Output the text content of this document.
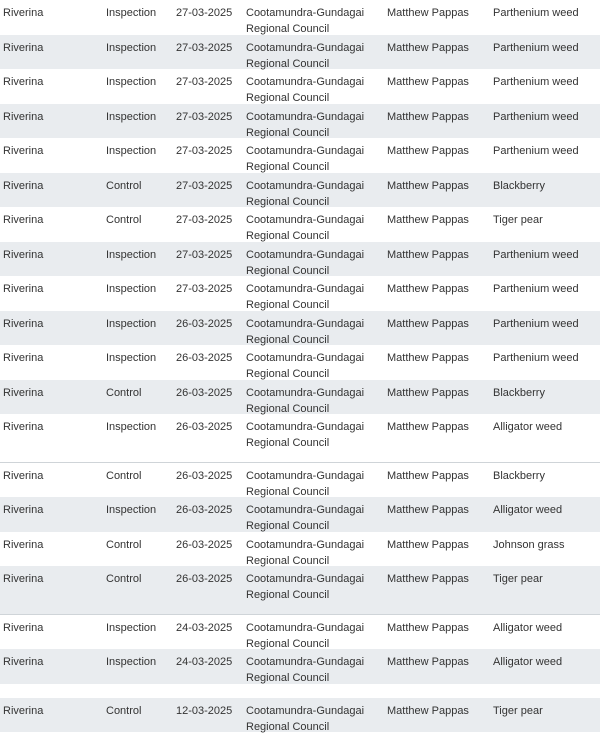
Riverina	Inspection	27-03-2025	Cootamundra-Gundagai
Regional Council
Matthew Pappas	Parthenium weed
Riverina	Inspection	27-03-2025	Cootamundra-Gundagai
Regional Council
Matthew Pappas	Parthenium weed
Riverina	Inspection	27-03-2025	Cootamundra-Gundagai
Regional Council
Matthew Pappas	Parthenium weed
Riverina	Inspection	27-03-2025	Cootamundra-Gundagai
Regional Council
Matthew Pappas	Parthenium weed
Riverina	Inspection	27-03-2025	Cootamundra-Gundagai
Regional Council
Matthew Pappas	Parthenium weed
Riverina	Control	27-03-2025	Cootamundra-Gundagai
Regional Council
Matthew Pappas	Blackberry
Riverina	Control	27-03-2025	Cootamundra-Gundagai
Regional Council
Matthew Pappas	Tiger pear
Riverina	Inspection	27-03-2025	Cootamundra-Gundagai
Regional Council
Matthew Pappas	Parthenium weed
Riverina	Inspection	27-03-2025	Cootamundra-Gundagai
Regional Council
Matthew Pappas	Parthenium weed
Riverina	Inspection	26-03-2025	Cootamundra-Gundagai
Regional Council
Matthew Pappas	Parthenium weed
Riverina	Inspection	26-03-2025	Cootamundra-Gundagai
Regional Council
Matthew Pappas	Parthenium weed
Riverina	Control	26-03-2025	Cootamundra-Gundagai
Regional Council
Matthew Pappas	Blackberry
Riverina	Inspection	26-03-2025	Cootamundra-Gundagai
Regional Council
Matthew Pappas	Alligator weed
Riverina	Control	26-03-2025	Cootamundra-Gundagai
Regional Council
Matthew Pappas	Blackberry
Riverina	Inspection	26-03-2025	Cootamundra-Gundagai
Regional Council
Matthew Pappas	Alligator weed
Riverina	Control	26-03-2025	Cootamundra-Gundagai
Regional Council
Matthew Pappas	Johnson grass
Riverina	Control	26-03-2025	Cootamundra-Gundagai
Regional Council
Matthew Pappas	Tiger pear
Riverina	Inspection	24-03-2025	Cootamundra-Gundagai
Regional Council
Matthew Pappas	Alligator weed
Riverina	Inspection	24-03-2025	Cootamundra-Gundagai
Regional Council
Matthew Pappas	Alligator weed
Riverina	Control	12-03-2025	Cootamundra-Gundagai
Regional Council
Matthew Pappas	Tiger pear
